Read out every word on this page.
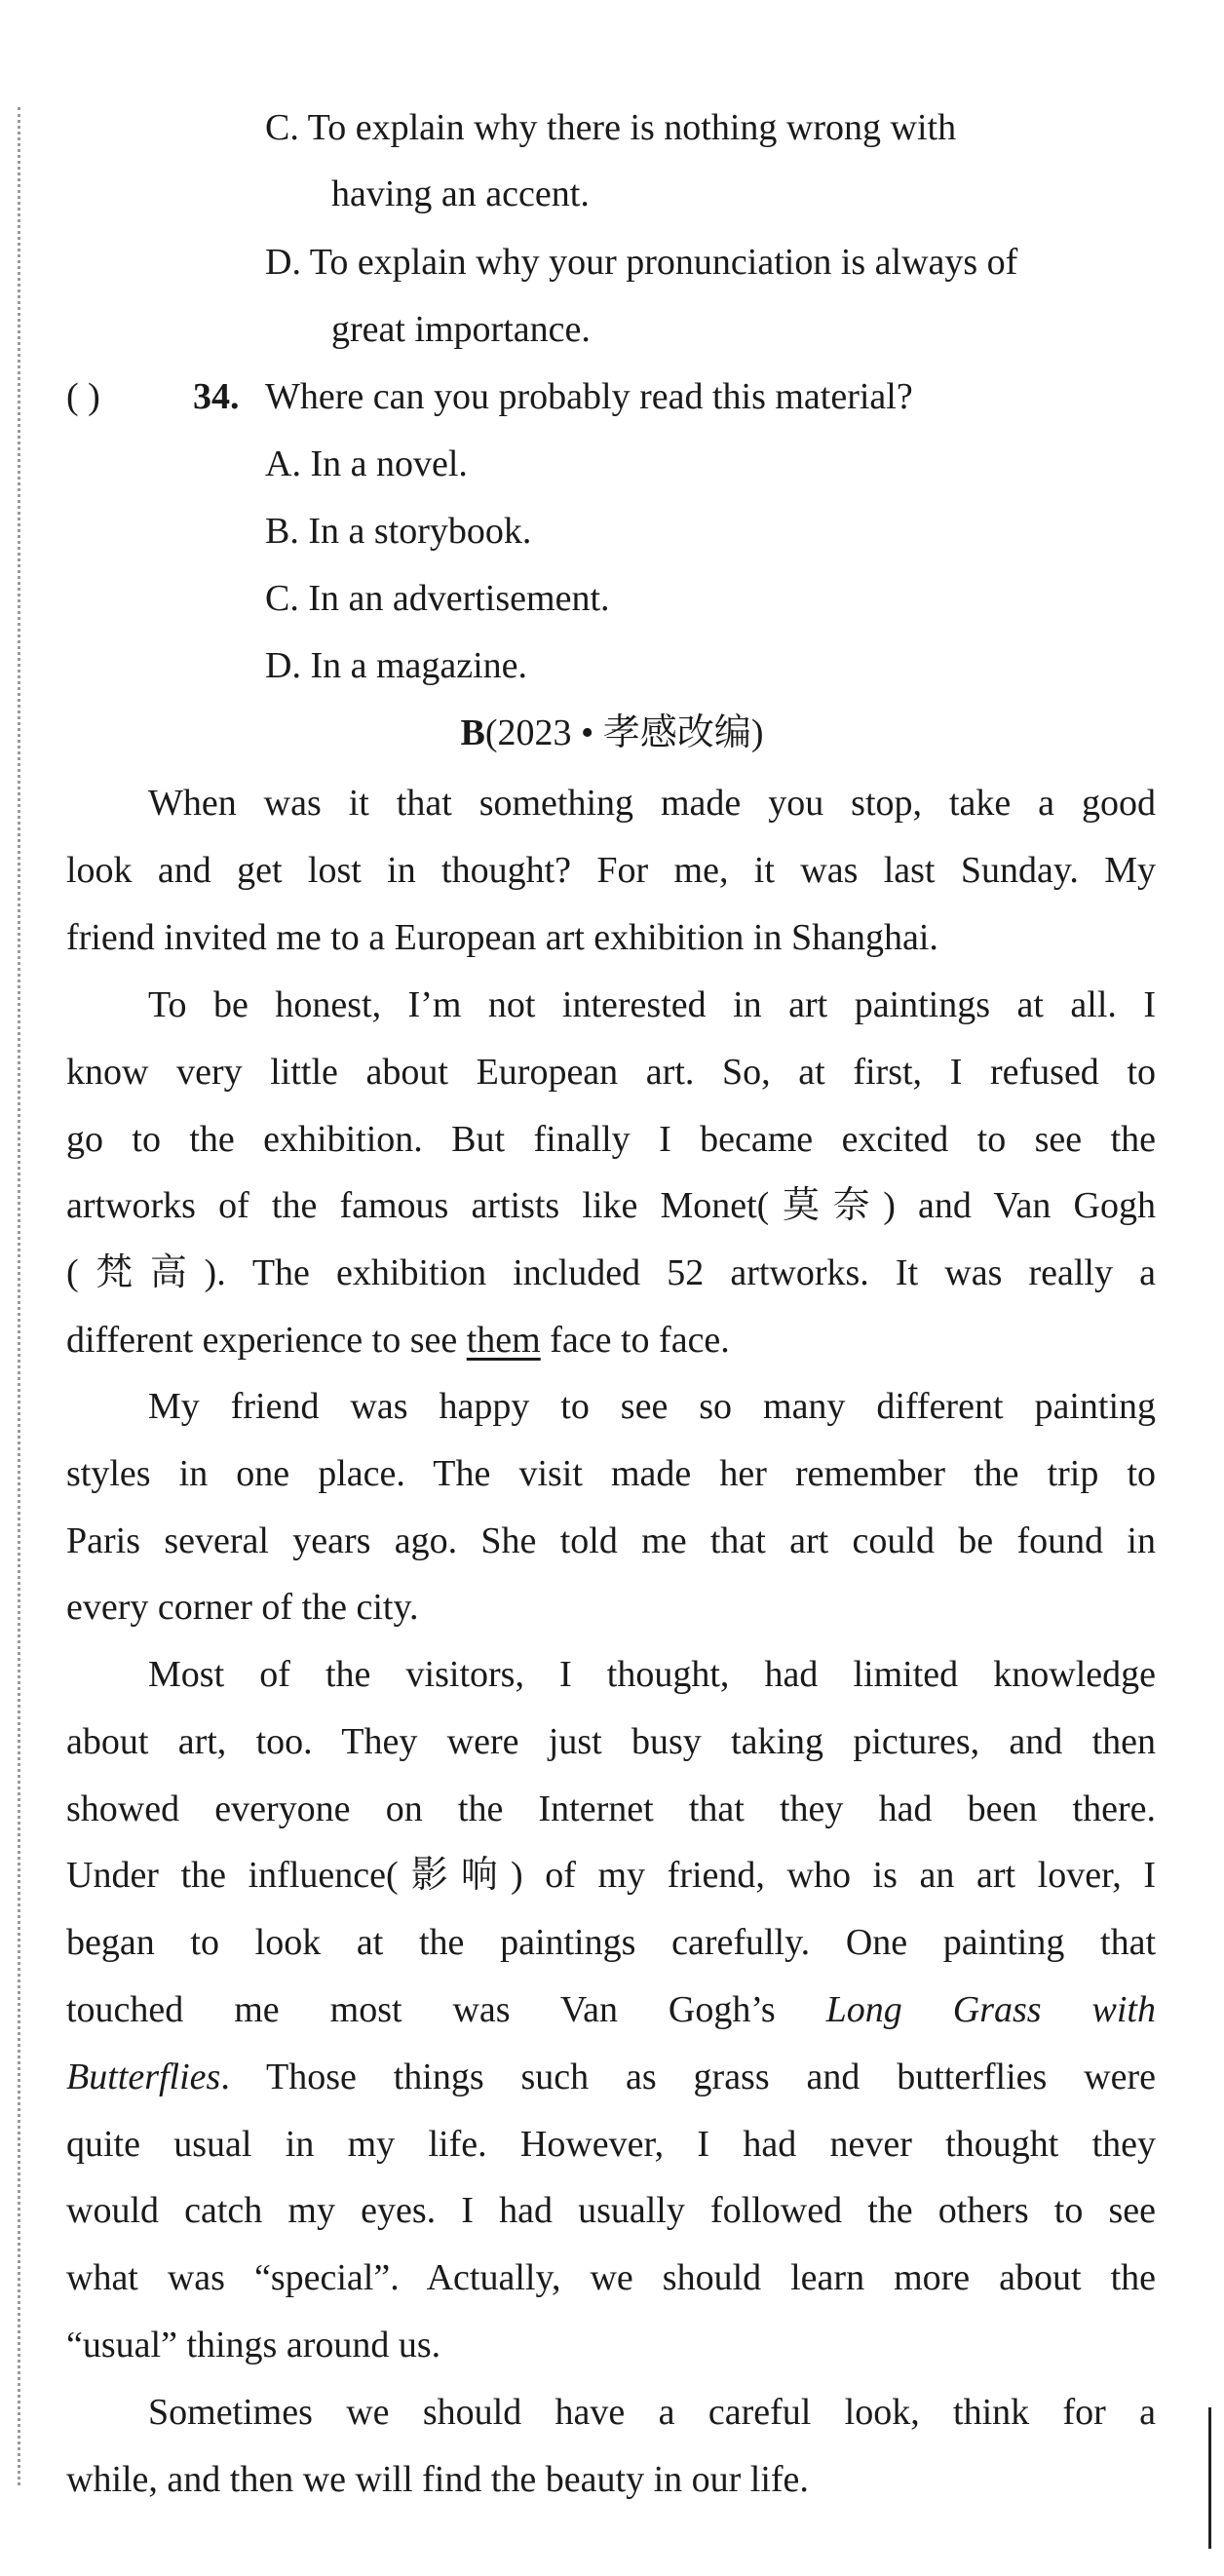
C. To explain why there is nothing wrong with
having an accent.
D. To explain why your pronunciation is always of
great importance.
( )	34. Where can you probably read this material?
A. In a novel.
B. In a storybook.
C. In an advertisement.
D. In a magazine.
B(2023 • 孝感改编)
When was it that something made you stop, take a good
look and get lost in thought? For me, it was last Sunday. My
friend invited me to a European art exhibition in Shanghai.
To be honest, I’m not interested in art paintings at all. I
know very little about European art. So, at first, I refused to
go to the exhibition. But finally I became excited to see the
artworks of the famous artists like Monet(莫奈) and Van Gogh
(梵高). The exhibition included 52 artworks. It was really a
different experience to see them face to face.
My friend was happy to see so many different painting
styles in one place. The visit made her remember the trip to
Paris several years ago. She told me that art could be found in
every corner of the city.
Most of the visitors, I thought, had limited knowledge
about art, too. They were just busy taking pictures, and then
showed everyone on the Internet that they had been there.
Under the influence(影响) of my friend, who is an art lover, I
began to look at the paintings carefully. One painting that
touched me most was Van Gogh’s Long Grass with
Butterflies. Those things such as grass and butterflies were
quite usual in my life. However, I had never thought they
would catch my eyes. I had usually followed the others to see
what was “special”. Actually, we should learn more about the
“usual” things around us.
Sometimes we should have a careful look, think for a
while, and then we will find the beauty in our life.
